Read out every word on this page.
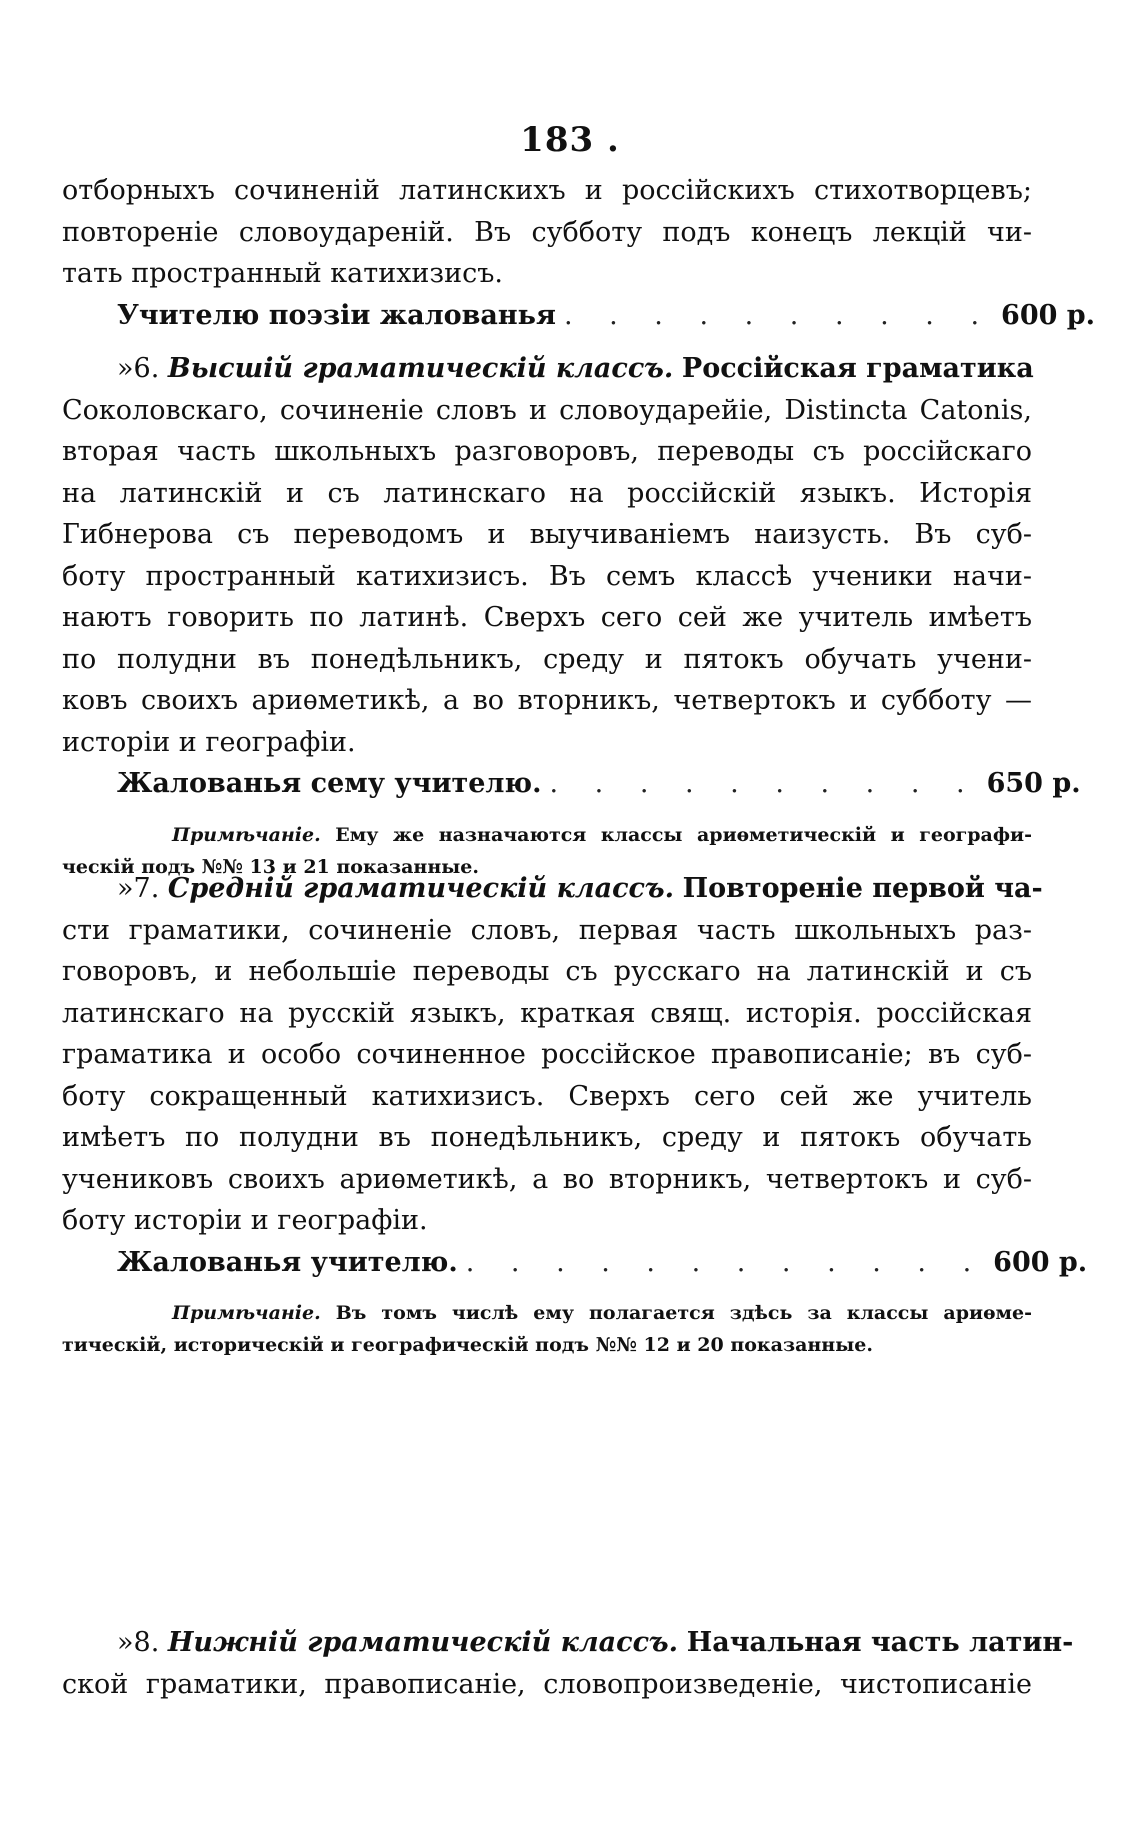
183 .
отборныхъ сочиненій латинскихъ и россійскихъ стихотворцевъ;
повтореніе словоудареній. Въ субботу подъ конецъ лекцій чи-
тать пространный катихизисъ.
Учителю поэзіи жалованья . . . . . . . . . . 600 р.
»6. Высшій граматическій классъ. Россійская граматика
Соколовскаго, сочиненіе словъ и словоударейіе, Distincta Catonis,
вторая часть школьныхъ разговоровъ, переводы съ россійскаго
на латинскій и съ латинскаго на россійскій языкъ. Исторія
Гибнерова съ переводомъ и выучиваніемъ наизусть. Въ суб-
боту пространный катихизисъ. Въ семъ классѣ ученики начи-
наютъ говорить по латинѣ. Сверхъ сего сей же учитель имѣетъ
по полудни въ понедѣльникъ, среду и пятокъ обучать учени-
ковъ своихъ ариѳметикѣ, а во вторникъ, четвертокъ и субботу —
исторіи и географіи.
Жалованья сему учителю. . . . . . . . . . . 650 р.
Примѣчаніе. Ему же назначаются классы ариѳметическій и географи-
ческій подъ №№ 13 и 21 показанные.
»7. Средній граматическій классъ. Повтореніе первой ча-
сти граматики, сочиненіе словъ, первая часть школьныхъ раз-
говоровъ, и небольшіе переводы съ русскаго на латинскій и съ
латинскаго на русскій языкъ, краткая свящ. исторія. россійская
граматика и особо сочиненное россійское правописаніе; въ суб-
боту сокращенный катихизисъ. Сверхъ сего сей же учитель
имѣетъ по полудни въ понедѣльникъ, среду и пятокъ обучать
учениковъ своихъ ариѳметикѣ, а во вторникъ, четвертокъ и суб-
боту исторіи и географіи.
Жалованья учителю. . . . . . . . . . . . . 600 р.
Примѣчаніе. Въ томъ числѣ ему полагается здѣсь за классы ариѳме-
тическій, историческій и географическій подъ №№ 12 и 20 показанные.
»8. Нижній граматическій классъ. Начальная часть латин-
ской граматики, правописаніе, словопроизведеніе, чистописаніе
